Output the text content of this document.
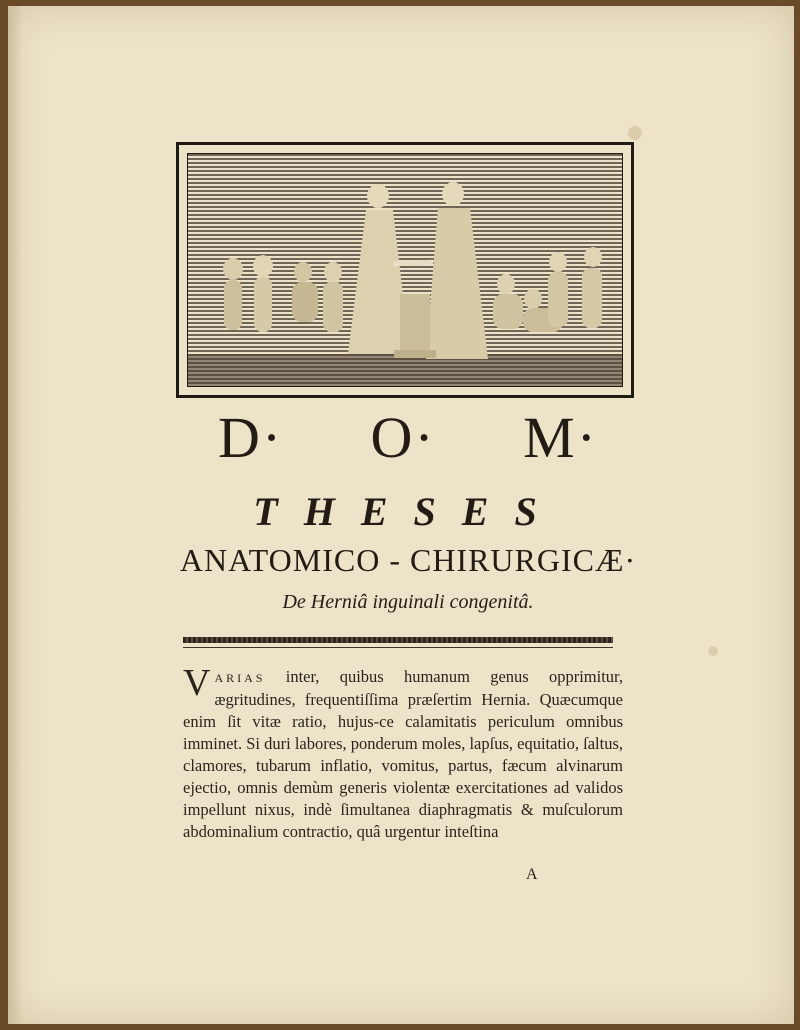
D· O· M·
THESES
ANATOMICO - CHIRURGICÆ·
De Herniâ inguinali congenitâ.
VARIAS inter, quibus humanum genus opprimitur, ægritudines, frequentiſſima præſertim Hernia. Quæcumque enim ſit vitæ ratio, hujus-ce calamitatis periculum omnibus imminet. Si duri labores, ponderum moles, lapſus, equitatio, ſaltus, clamores, tubarum inflatio, vomitus, partus, fæcum alvinarum ejectio, omnis demùm generis violentæ exercitationes ad validos impellunt nixus, indè ſimultanea diaphragmatis & muſculorum abdominalium contractio, quâ urgentur inteſtina
A
